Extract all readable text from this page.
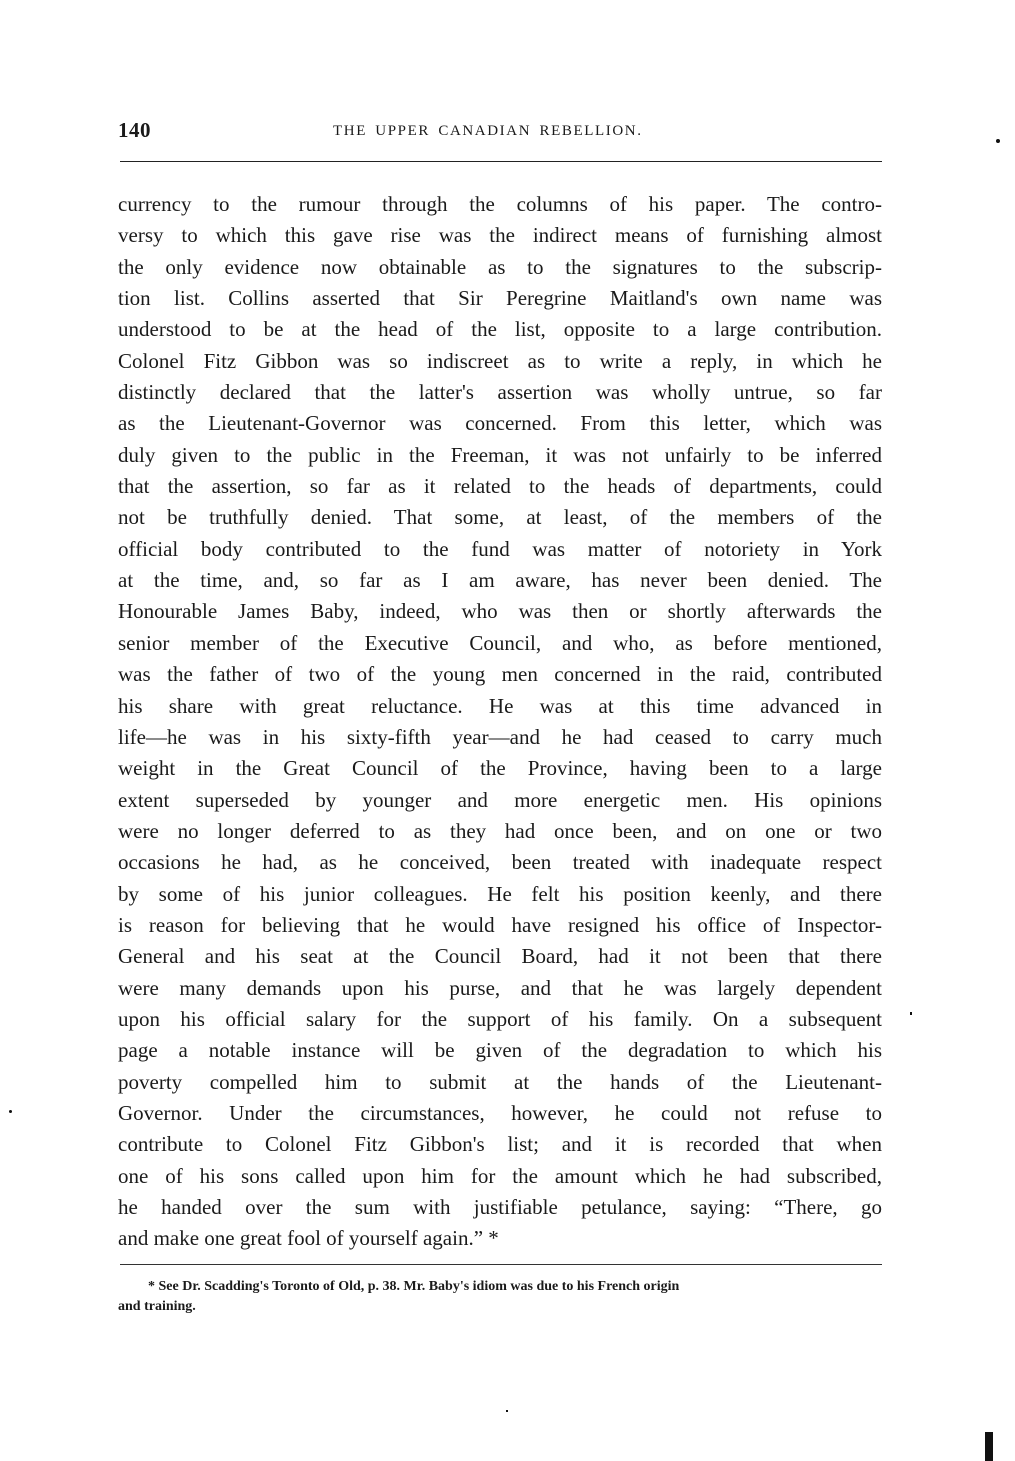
140	THE UPPER CANADIAN REBELLION.
currency to the rumour through the columns of his paper. The contro-
versy to which this gave rise was the indirect means of furnishing almost
the only evidence now obtainable as to the signatures to the subscrip-
tion list. Collins asserted that Sir Peregrine Maitland's own name was
understood to be at the head of the list, opposite to a large contribution.
Colonel Fitz Gibbon was so indiscreet as to write a reply, in which he
distinctly declared that the latter's assertion was wholly untrue, so far
as the Lieutenant-Governor was concerned. From this letter, which was
duly given to the public in the Freeman, it was not unfairly to be inferred
that the assertion, so far as it related to the heads of departments, could
not be truthfully denied. That some, at least, of the members of the
official body contributed to the fund was matter of notoriety in York
at the time, and, so far as I am aware, has never been denied. The
Honourable James Baby, indeed, who was then or shortly afterwards the
senior member of the Executive Council, and who, as before mentioned,
was the father of two of the young men concerned in the raid, contributed
his share with great reluctance. He was at this time advanced in
life—he was in his sixty-fifth year—and he had ceased to carry much
weight in the Great Council of the Province, having been to a large
extent superseded by younger and more energetic men. His opinions
were no longer deferred to as they had once been, and on one or two
occasions he had, as he conceived, been treated with inadequate respect
by some of his junior colleagues. He felt his position keenly, and there
is reason for believing that he would have resigned his office of Inspector-
General and his seat at the Council Board, had it not been that there
were many demands upon his purse, and that he was largely dependent
upon his official salary for the support of his family. On a subsequent
page a notable instance will be given of the degradation to which his
poverty compelled him to submit at the hands of the Lieutenant-
Governor. Under the circumstances, however, he could not refuse to
contribute to Colonel Fitz Gibbon's list; and it is recorded that when
one of his sons called upon him for the amount which he had subscribed,
he handed over the sum with justifiable petulance, saying: “There, go
and make one great fool of yourself again.” *
* See Dr. Scadding's Toronto of Old, p. 38. Mr. Baby's idiom was due to his French origin
and training.
